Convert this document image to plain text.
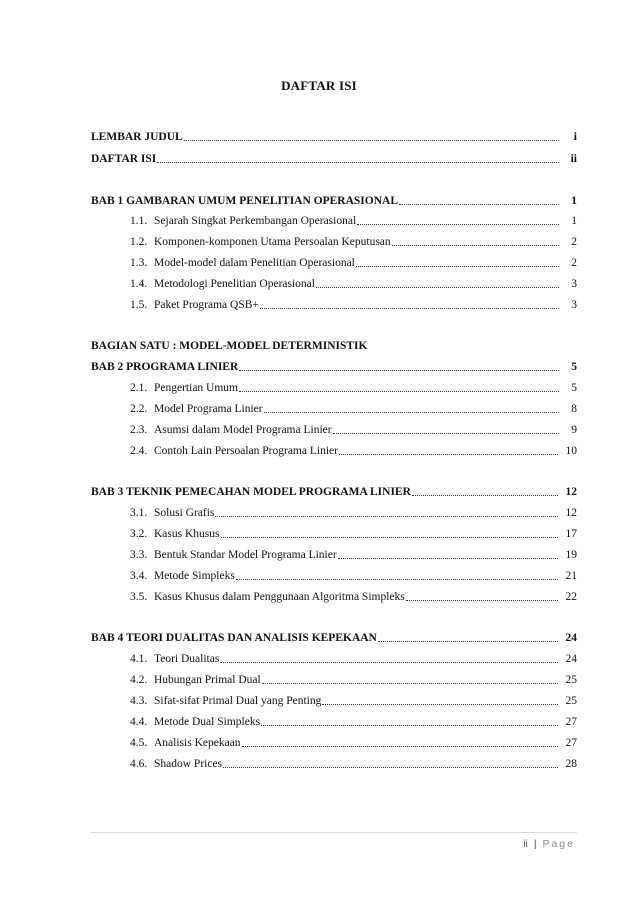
DAFTAR ISI
LEMBAR JUDUL	i
DAFTAR ISI	ii
BAB 1 GAMBARAN UMUM PENELITIAN OPERASIONAL	1
1.1. Sejarah Singkat Perkembangan Operasional	1
1.2. Komponen-komponen Utama Persoalan Keputusan	2
1.3. Model-model dalam Penelitian Operasional	2
1.4. Metodologi Penelitian Operasional	3
1.5. Paket Programa QSB+	3
BAGIAN SATU : MODEL-MODEL DETERMINISTIK
BAB 2 PROGRAMA LINIER	5
2.1. Pengertian Umum	5
2.2. Model Programa Linier	8
2.3. Asumsi dalam Model Programa Linier	9
2.4. Contoh Lain Persoalan Programa Linier	10
BAB 3 TEKNIK PEMECAHAN MODEL PROGRAMA LINIER	12
3.1. Solusi Grafis	12
3.2. Kasus Khusus	17
3.3. Bentuk Standar Model Programa Linier	19
3.4. Metode Simpleks	21
3.5. Kasus Khusus dalam Penggunaan Algoritma Simpleks	22
BAB 4 TEORI DUALITAS DAN ANALISIS KEPEKAAN	24
4.1. Teori Dualitas	24
4.2. Hubungan Primal Dual	25
4.3. Sifat-sifat Primal Dual yang Penting	25
4.4. Metode Dual Simpleks	27
4.5. Analisis Kepekaan	27
4.6. Shadow Prices	28
ii | Page
